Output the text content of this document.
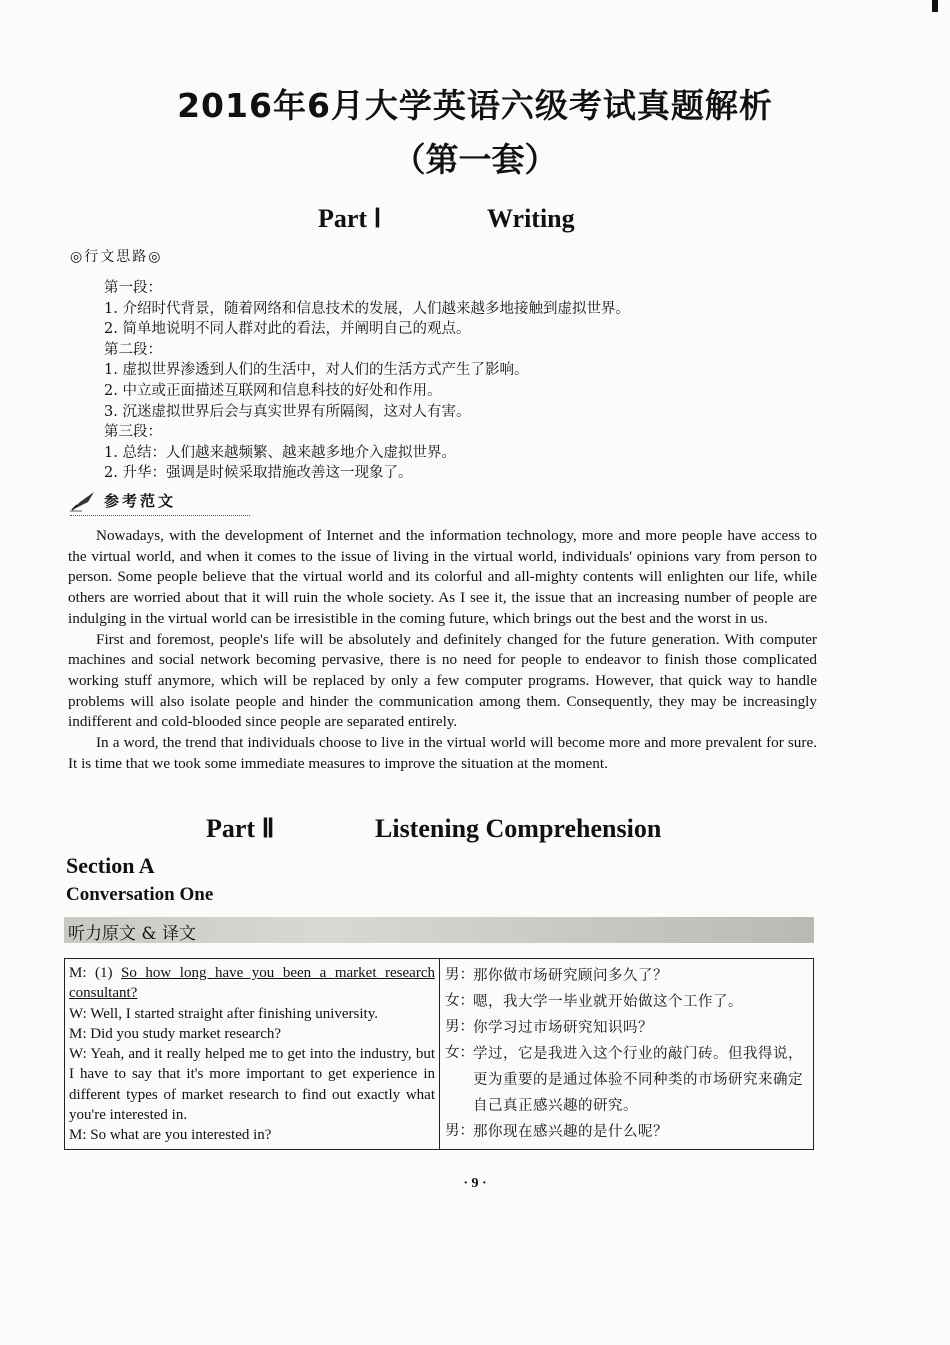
2016年6月大学英语六级考试真题解析
（第一套）
Part Ⅰ	Writing
◎行文思路◎
第一段：
1. 介绍时代背景，随着网络和信息技术的发展，人们越来越多地接触到虚拟世界。
2. 简单地说明不同人群对此的看法，并阐明自己的观点。
第二段：
1. 虚拟世界渗透到人们的生活中，对人们的生活方式产生了影响。
2. 中立或正面描述互联网和信息科技的好处和作用。
3. 沉迷虚拟世界后会与真实世界有所隔阂，这对人有害。
第三段：
1. 总结：人们越来越频繁、越来越多地介入虚拟世界。
2. 升华：强调是时候采取措施改善这一现象了。
参考范文

Nowadays, with the development of Internet and the information technology, more and more people have access to the virtual world, and when it comes to the issue of living in the virtual world, individuals' opinions vary from person to person. Some people believe that the virtual world and its colorful and all-mighty contents will enlighten our life, while others are worried about that it will ruin the whole society. As I see it, the issue that an increasing number of people are indulging in the virtual world can be irresistible in the coming future, which brings out the best and the worst in us.

First and foremost, people's life will be absolutely and definitely changed for the future generation. With computer machines and social network becoming pervasive, there is no need for people to endeavor to finish those complicated working stuff anymore, which will be replaced by only a few computer programs. However, that quick way to handle problems will also isolate people and hinder the communication among them. Consequently, they may be increasingly indifferent and cold-blooded since people are separated entirely.

In a word, the trend that individuals choose to live in the virtual world will become more and more prevalent for sure. It is time that we took some immediate measures to improve the situation at the moment.

Part Ⅱ	Listening Comprehension
Section A
Conversation One
听力原文 & 译文

M: (1) So how long have you been a market research consultant?

W: Well, I started straight after finishing university.

M: Did you study market research?

W: Yeah, and it really helped me to get into the industry, but I have to say that it's more important to get experience in different types of market research to find out exactly what you're interested in.

M: So what are you interested in?

男： 那你做市场研究顾问多久了？
女： 嗯，我大学一毕业就开始做这个工作了。
男： 你学习过市场研究知识吗？
女： 学过，它是我进入这个行业的敲门砖。但我得说，更为重要的是通过体验不同种类的市场研究来确定自己真正感兴趣的研究。
男： 那你现在感兴趣的是什么呢？
· 9 ·
